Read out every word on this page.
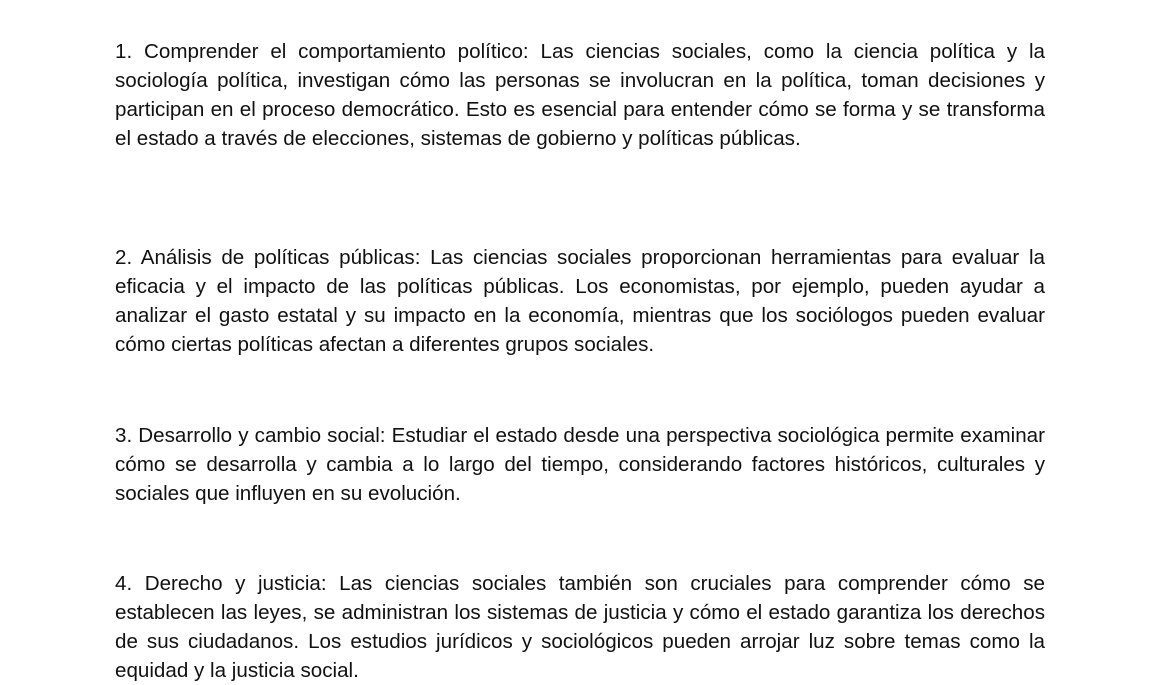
1. Comprender el comportamiento político: Las ciencias sociales, como la ciencia política y la sociología política, investigan cómo las personas se involucran en la política, toman decisiones y participan en el proceso democrático. Esto es esencial para entender cómo se forma y se transforma el estado a través de elecciones, sistemas de gobierno y políticas públicas.

2. Análisis de políticas públicas: Las ciencias sociales proporcionan herramientas para evaluar la eficacia y el impacto de las políticas públicas. Los economistas, por ejemplo, pueden ayudar a analizar el gasto estatal y su impacto en la economía, mientras que los sociólogos pueden evaluar cómo ciertas políticas afectan a diferentes grupos sociales.

3. Desarrollo y cambio social: Estudiar el estado desde una perspectiva sociológica permite examinar cómo se desarrolla y cambia a lo largo del tiempo, considerando factores históricos, culturales y sociales que influyen en su evolución.

4. Derecho y justicia: Las ciencias sociales también son cruciales para comprender cómo se establecen las leyes, se administran los sistemas de justicia y cómo el estado garantiza los derechos de sus ciudadanos. Los estudios jurídicos y sociológicos pueden arrojar luz sobre temas como la equidad y la justicia social.
